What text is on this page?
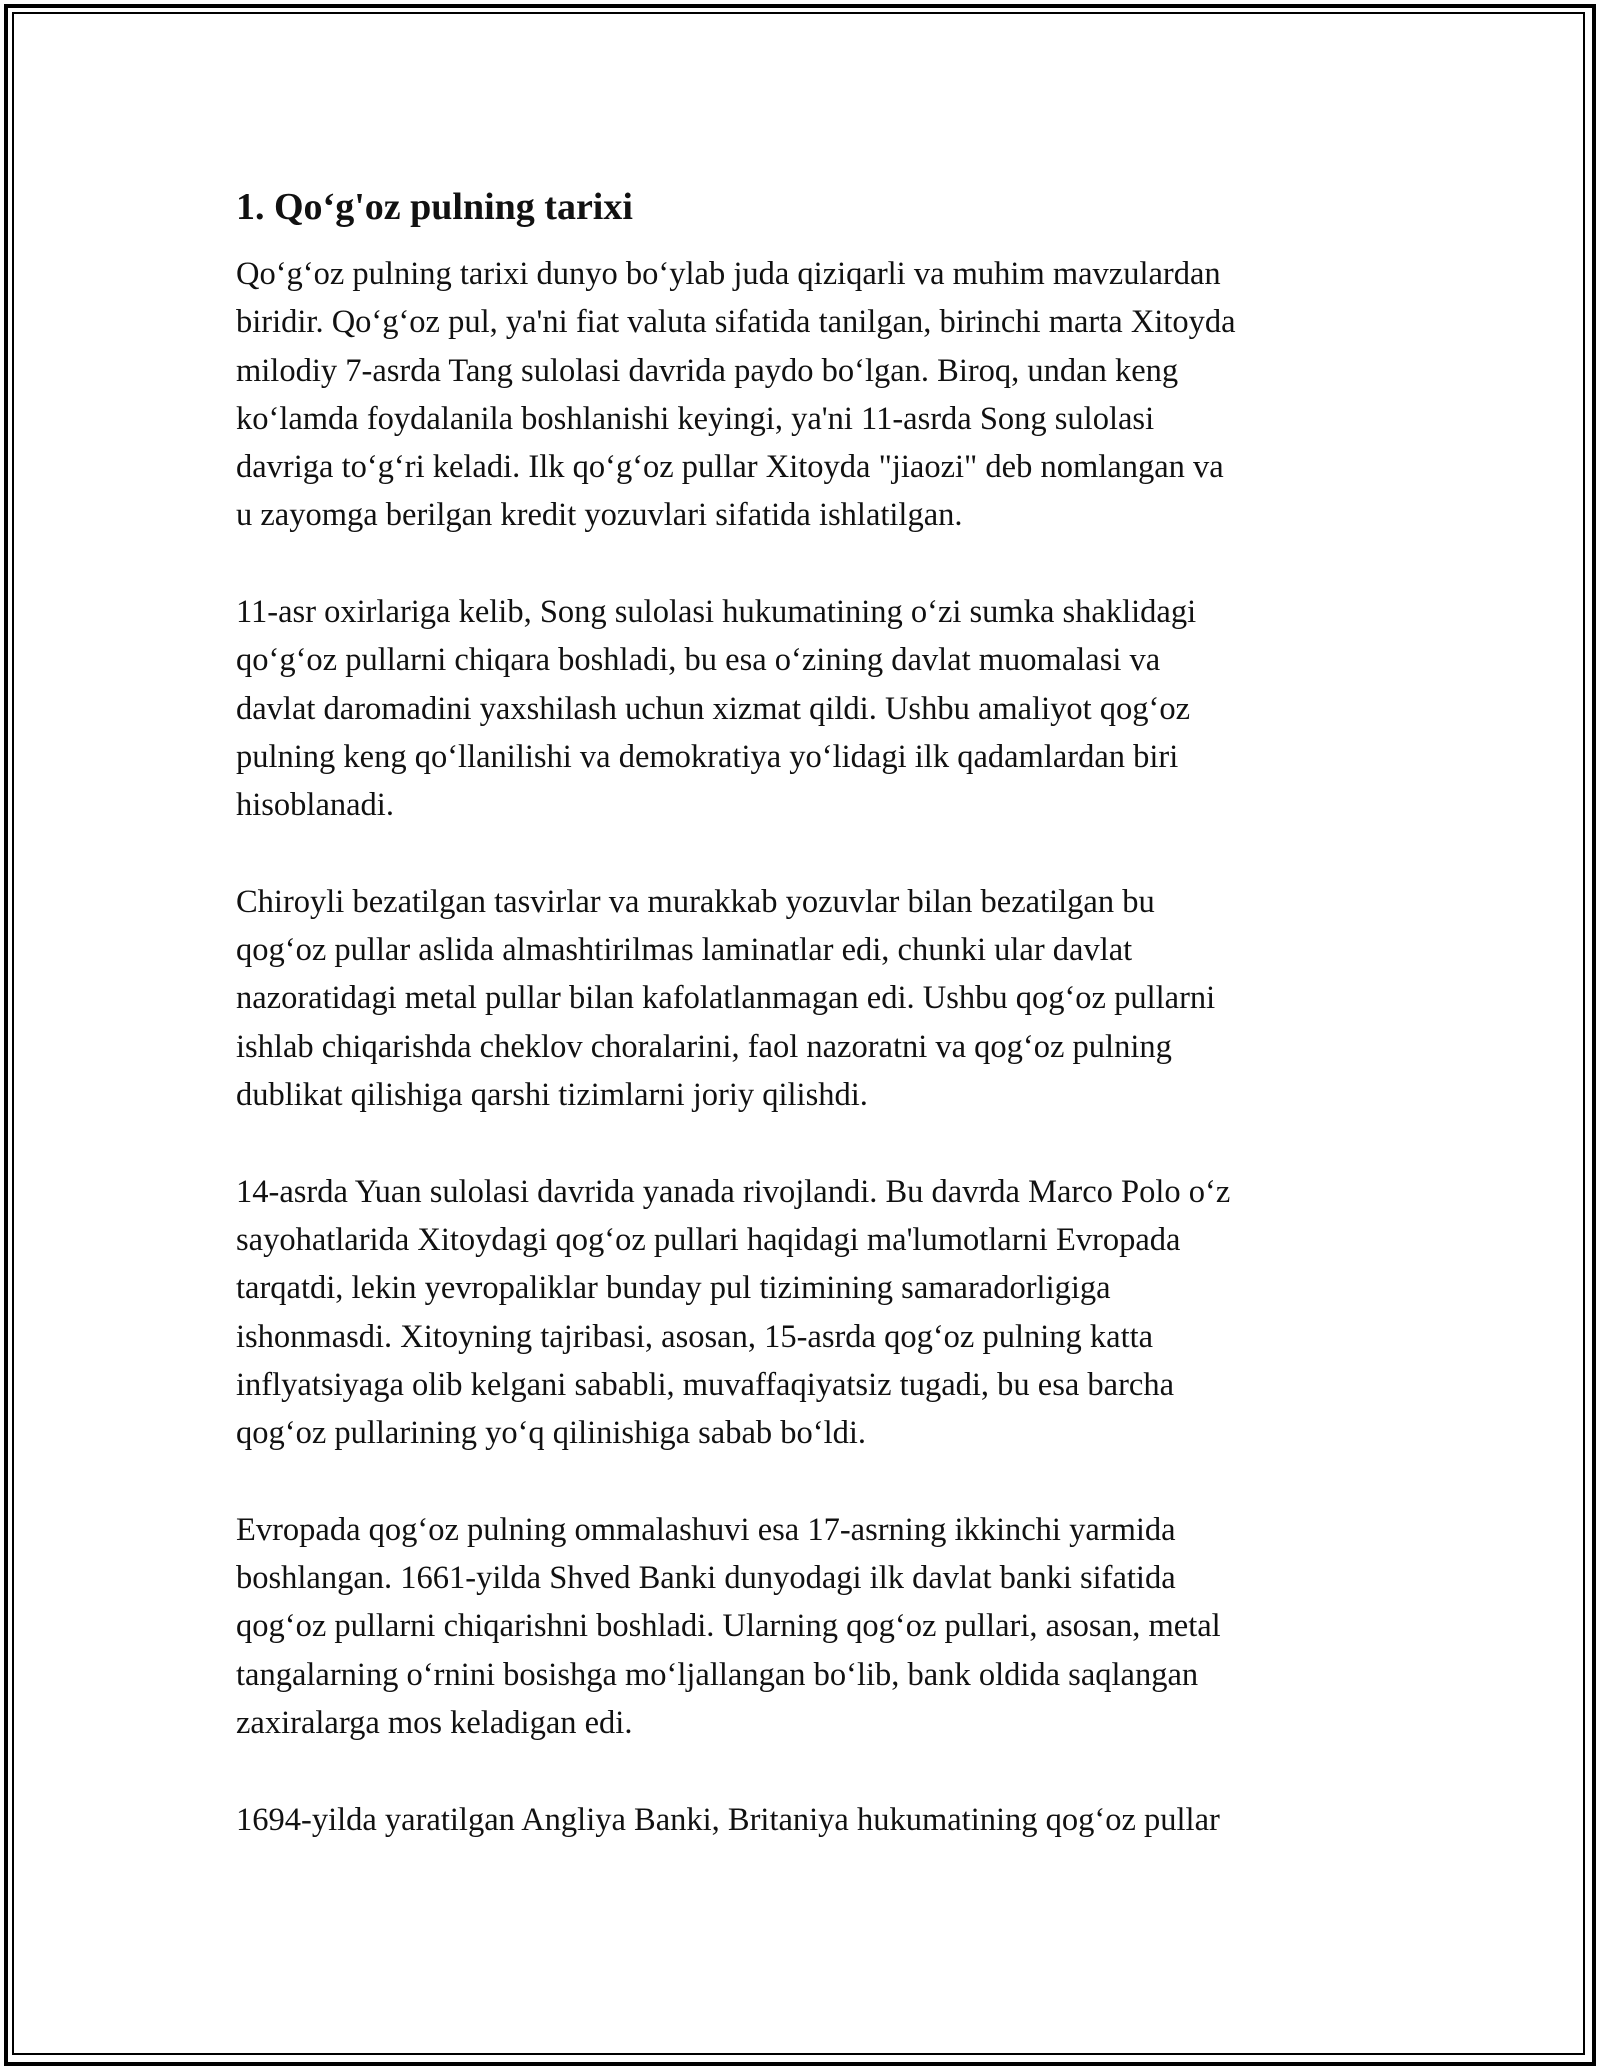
1. Qo‘g'oz pulning tarixi
Qo‘g‘oz pulning tarixi dunyo bo‘ylab juda qiziqarli va muhim mavzulardan
biridir. Qo‘g‘oz pul, ya'ni fiat valuta sifatida tanilgan, birinchi marta Xitoyda
milodiy 7-asrda Tang sulolasi davrida paydo bo‘lgan. Biroq, undan keng
ko‘lamda foydalanila boshlanishi keyingi, ya'ni 11-asrda Song sulolasi
davriga to‘g‘ri keladi. Ilk qo‘g‘oz pullar Xitoyda "jiaozi" deb nomlangan va
u zayomga berilgan kredit yozuvlari sifatida ishlatilgan.
11-asr oxirlariga kelib, Song sulolasi hukumatining o‘zi sumka shaklidagi
qo‘g‘oz pullarni chiqara boshladi, bu esa o‘zining davlat muomalasi va
davlat daromadini yaxshilash uchun xizmat qildi. Ushbu amaliyot qog‘oz
pulning keng qo‘llanilishi va demokratiya yo‘lidagi ilk qadamlardan biri
hisoblanadi.
Chiroyli bezatilgan tasvirlar va murakkab yozuvlar bilan bezatilgan bu
qog‘oz pullar aslida almashtirilmas laminatlar edi, chunki ular davlat
nazoratidagi metal pullar bilan kafolatlanmagan edi. Ushbu qog‘oz pullarni
ishlab chiqarishda cheklov choralarini, faol nazoratni va qog‘oz pulning
dublikat qilishiga qarshi tizimlarni joriy qilishdi.
14-asrda Yuan sulolasi davrida yanada rivojlandi. Bu davrda Marco Polo o‘z
sayohatlarida Xitoydagi qog‘oz pullari haqidagi ma'lumotlarni Evropada
tarqatdi, lekin yevropaliklar bunday pul tizimining samaradorligiga
ishonmasdi. Xitoyning tajribasi, asosan, 15-asrda qog‘oz pulning katta
inflyatsiyaga olib kelgani sababli, muvaffaqiyatsiz tugadi, bu esa barcha
qog‘oz pullarining yo‘q qilinishiga sabab bo‘ldi.
Evropada qog‘oz pulning ommalashuvi esa 17-asrning ikkinchi yarmida
boshlangan. 1661-yilda Shved Banki dunyodagi ilk davlat banki sifatida
qog‘oz pullarni chiqarishni boshladi. Ularning qog‘oz pullari, asosan, metal
tangalarning o‘rnini bosishga mo‘ljallangan bo‘lib, bank oldida saqlangan
zaxiralarga mos keladigan edi.
1694-yilda yaratilgan Angliya Banki, Britaniya hukumatining qog‘oz pullar
